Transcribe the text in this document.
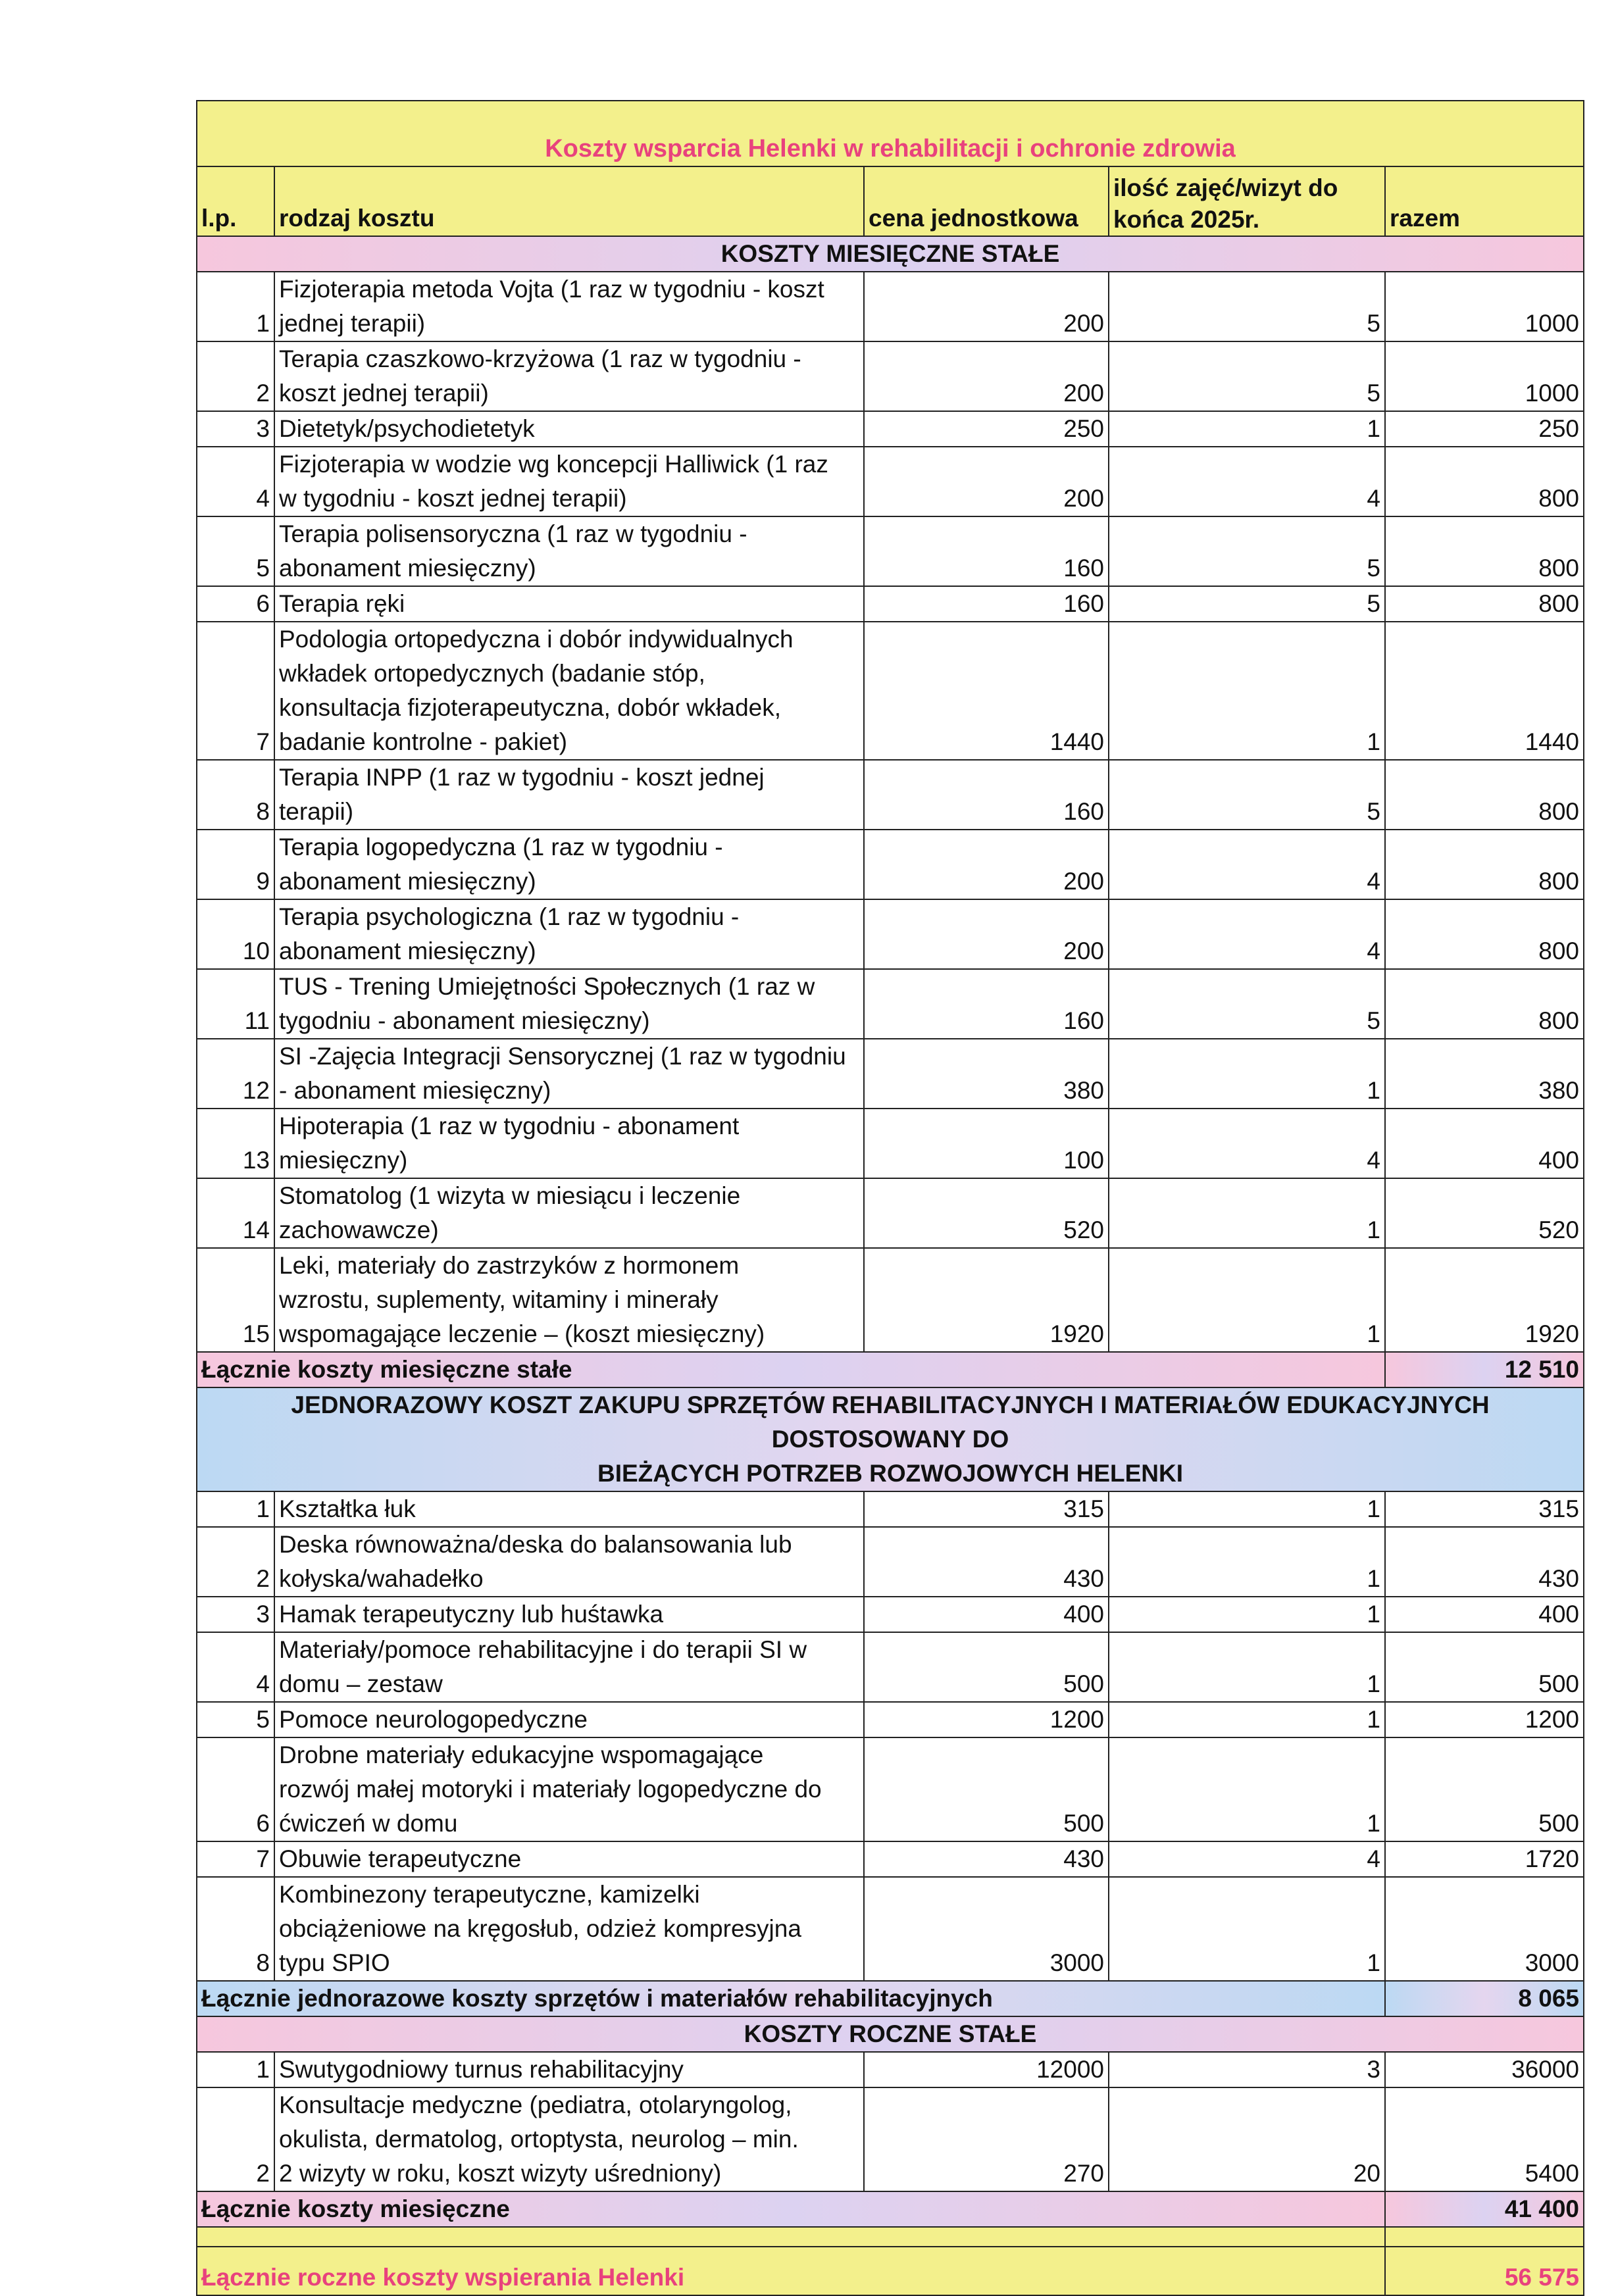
Koszty wsparcia Helenki w rehabilitacji i ochronie zdrowia				
l.p.	rodzaj kosztu	cena jednostkowa	ilość zajęć/wizyt do
końca 2025r.	razem
KOSZTY MIESIĘCZNE STAŁE				
1	Fizjoterapia metoda Vojta (1 raz w tygodniu - koszt
jednej terapii)	200	5	1000
2	Terapia czaszkowo-krzyżowa (1 raz w tygodniu -
koszt jednej terapii)	200	5	1000
3	Dietetyk/psychodietetyk	250	1	250
4	Fizjoterapia w wodzie wg koncepcji Halliwick (1 raz
w tygodniu - koszt jednej terapii)	200	4	800
5	Terapia polisensoryczna (1 raz w tygodniu -
abonament miesięczny)	160	5	800
6	Terapia ręki	160	5	800
7	Podologia ortopedyczna i dobór indywidualnych
wkładek ortopedycznych (badanie stóp,
konsultacja fizjoterapeutyczna, dobór wkładek,
badanie kontrolne - pakiet)	1440	1	1440
8	Terapia INPP (1 raz w tygodniu - koszt jednej
terapii)	160	5	800
9	Terapia logopedyczna (1 raz w tygodniu -
abonament miesięczny)	200	4	800
10	Terapia psychologiczna (1 raz w tygodniu -
abonament miesięczny)	200	4	800
11	TUS - Trening Umiejętności Społecznych (1 raz w
tygodniu - abonament miesięczny)	160	5	800
12	SI -Zajęcia Integracji Sensorycznej (1 raz w tygodniu
- abonament miesięczny)	380	1	380
13	Hipoterapia (1 raz w tygodniu - abonament
miesięczny)	100	4	400
14	Stomatolog (1 wizyta w miesiącu i leczenie
zachowawcze)	520	1	520
15	Leki, materiały do zastrzyków z hormonem
wzrostu, suplementy, witaminy i minerały
wspomagające leczenie – (koszt miesięczny)	1920	1	1920
Łącznie koszty miesięczne stałe				12 510
JEDNORAZOWY KOSZT ZAKUPU SPRZĘTÓW REHABILITACYJNYCH I MATERIAŁÓW EDUKACYJNYCH DOSTOSOWANY DO
BIEŻĄCYCH POTRZEB ROZWOJOWYCH HELENKI				
1	Kształtka łuk	315	1	315
2	Deska równoważna/deska do balansowania lub
kołyska/wahadełko	430	1	430
3	Hamak terapeutyczny lub huśtawka	400	1	400
4	Materiały/pomoce rehabilitacyjne i do terapii SI w
domu – zestaw	500	1	500
5	Pomoce neurologopedyczne	1200	1	1200
6	Drobne materiały edukacyjne wspomagające
rozwój małej motoryki i materiały logopedyczne do
ćwiczeń w domu	500	1	500
7	Obuwie terapeutyczne	430	4	1720
8	Kombinezony terapeutyczne, kamizelki
obciążeniowe na kręgosłub, odzież kompresyjna
typu SPIO	3000	1	3000
Łącznie jednorazowe koszty sprzętów i materiałów rehabilitacyjnych				8 065
KOSZTY ROCZNE STAŁE				
1	Swutygodniowy turnus rehabilitacyjny	12000	3	36000
2	Konsultacje medyczne (pediatra, otolaryngolog,
okulista, dermatolog, ortoptysta, neurolog – min.
2 wizyty w roku, koszt wizyty uśredniony)	270	20	5400
Łącznie koszty miesięczne				41 400

Łącznie roczne koszty wspierania Helenki				56 575
